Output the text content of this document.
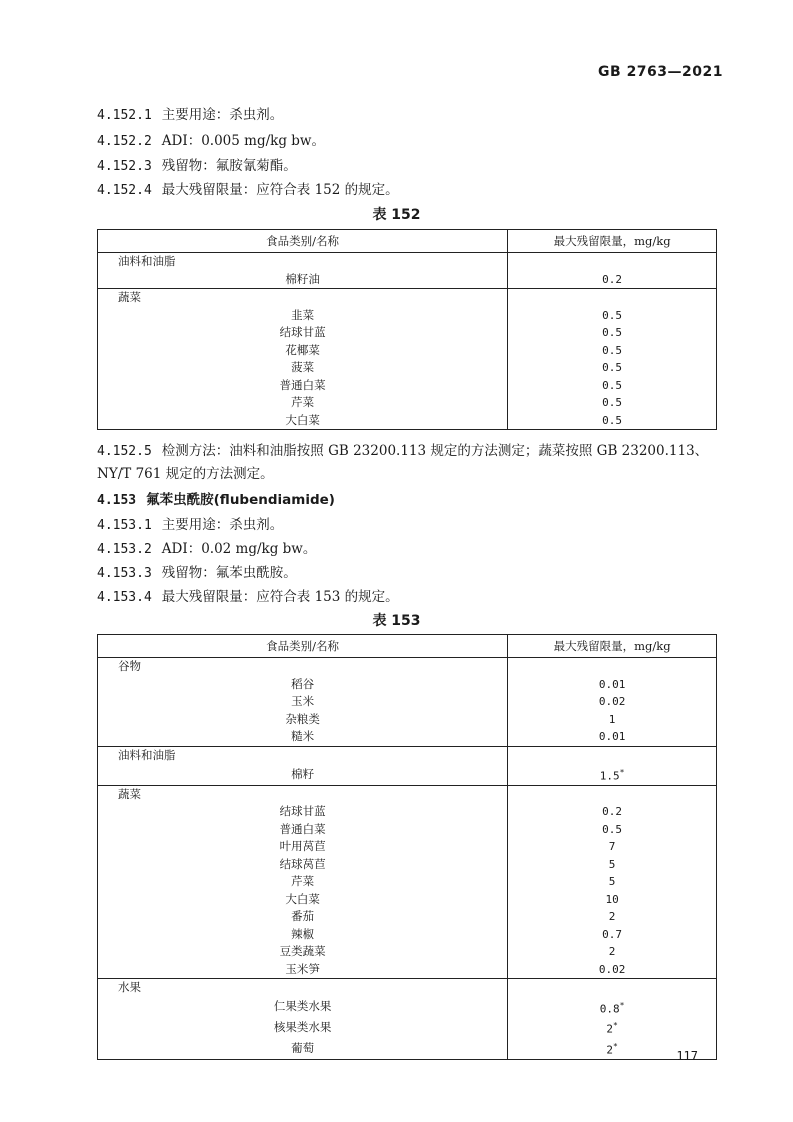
GB 2763—2021
4.152.1 主要用途：杀虫剂。
4.152.2 ADI：0.005 mg/kg bw。
4.152.3 残留物：氟胺氰菊酯。
4.152.4 最大残留限量：应符合表 152 的规定。
表 152
食品类别/名称	最大残留限量，mg/kg
油料和油脂	
棉籽油	0.2
蔬菜	
韭菜	0.5
结球甘蓝	0.5
花椰菜	0.5
菠菜	0.5
普通白菜	0.5
芹菜	0.5
大白菜	0.5
4.152.5 检测方法：油料和油脂按照 GB 23200.113 规定的方法测定；蔬菜按照 GB 23200.113、NY/T 761 规定的方法测定。
4.153 氟苯虫酰胺(flubendiamide)
4.153.1 主要用途：杀虫剂。
4.153.2 ADI：0.02 mg/kg bw。
4.153.3 残留物：氟苯虫酰胺。
4.153.4 最大残留限量：应符合表 153 的规定。
表 153
食品类别/名称	最大残留限量，mg/kg
谷物	
稻谷	0.01
玉米	0.02
杂粮类	1
糙米	0.01
油料和油脂	
棉籽	1.5*
蔬菜	
结球甘蓝	0.2
普通白菜	0.5
叶用莴苣	7
结球莴苣	5
芹菜	5
大白菜	10
番茄	2
辣椒	0.7
豆类蔬菜	2
玉米笋	0.02
水果	
仁果类水果	0.8*
核果类水果	2*
葡萄	2*
117
